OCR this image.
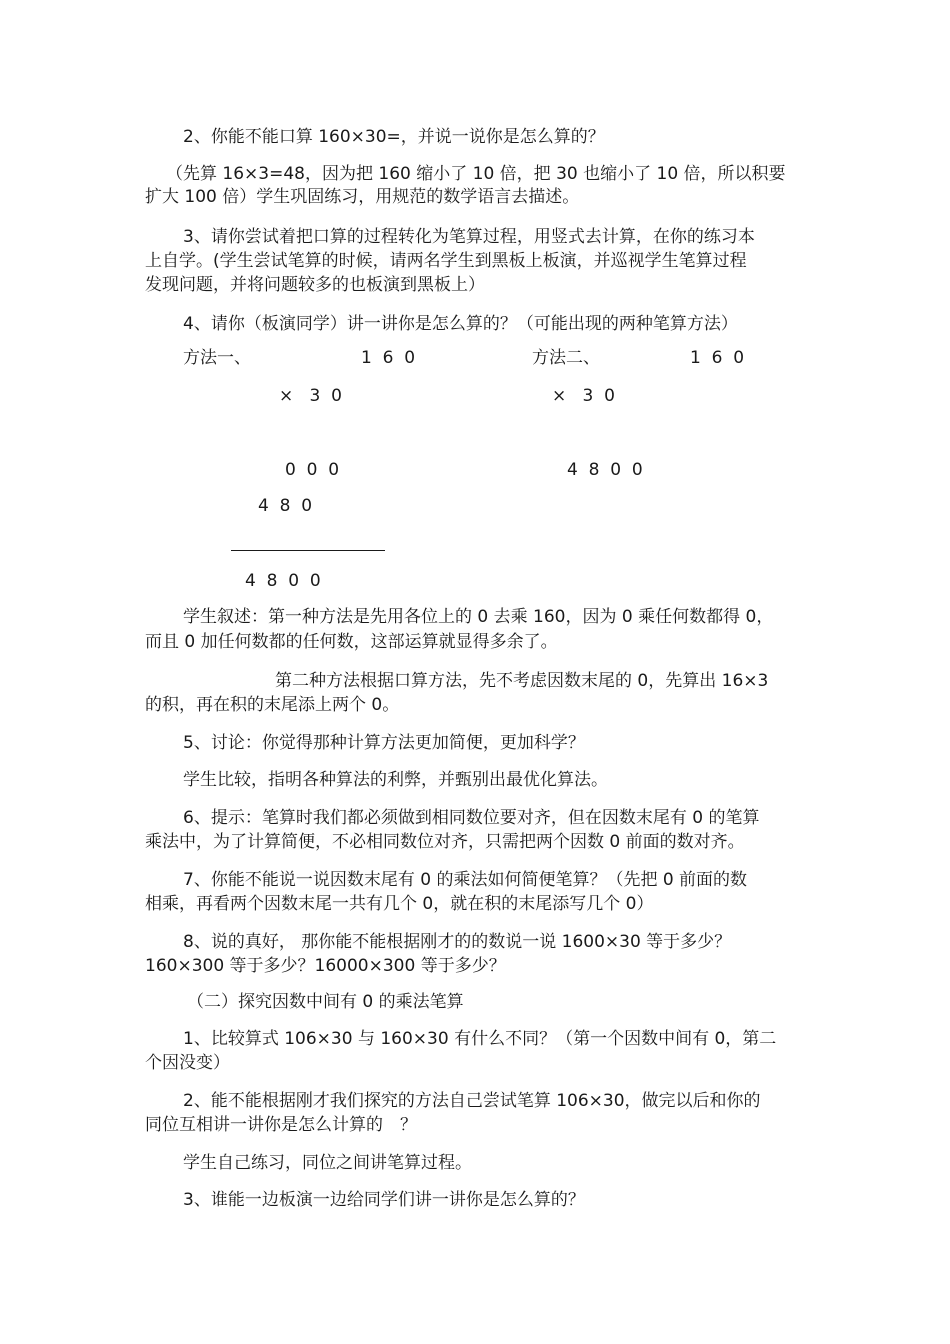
2、你能不能口算 160×30=，并说一说你是怎么算的？
（先算 16×3=48，因为把 160 缩小了 10 倍，把 30 也缩小了 10 倍，所以积要
扩大 100 倍）学生巩固练习，用规范的数学语言去描述。
3、请你尝试着把口算的过程转化为笔算过程，用竖式去计算，在你的练习本
上自学。(学生尝试笔算的时候，请两名学生到黑板上板演，并巡视学生笔算过程
发现问题，并将问题较多的也板演到黑板上）
4、请你（板演同学）讲一讲你是怎么算的？（可能出现的两种笔算方法）
方法一、	1  6  0
×   3  0
0  0  0
4  8  0
4  8  0  0
方法二、	1  6  0
×   3  0
4  8  0  0
学生叙述：第一种方法是先用各位上的 0 去乘 160，因为 0 乘任何数都得 0，
而且 0 加任何数都的任何数，这部运算就显得多余了。
第二种方法根据口算方法，先不考虑因数末尾的 0，先算出 16×3
的积，再在积的末尾添上两个 0。
5、讨论：你觉得那种计算方法更加简便，更加科学？
学生比较，指明各种算法的利弊，并甄别出最优化算法。
6、提示：笔算时我们都必须做到相同数位要对齐，但在因数末尾有 0 的笔算
乘法中，为了计算简便，不必相同数位对齐，只需把两个因数 0 前面的数对齐。
7、你能不能说一说因数末尾有 0 的乘法如何简便笔算？（先把 0 前面的数
相乘，再看两个因数末尾一共有几个 0，就在积的末尾添写几个 0）
8、说的真好， 那你能不能根据刚才的的数说一说 1600×30 等于多少？
160×300 等于多少？16000×300 等于多少？
（二）探究因数中间有 0 的乘法笔算
1、比较算式 106×30 与 160×30 有什么不同？（第一个因数中间有 0，第二
个因没变）
2、能不能根据刚才我们探究的方法自己尝试笔算 106×30，做完以后和你的
同位互相讲一讲你是怎么计算的　？
学生自己练习，同位之间讲笔算过程。
3、谁能一边板演一边给同学们讲一讲你是怎么算的？
